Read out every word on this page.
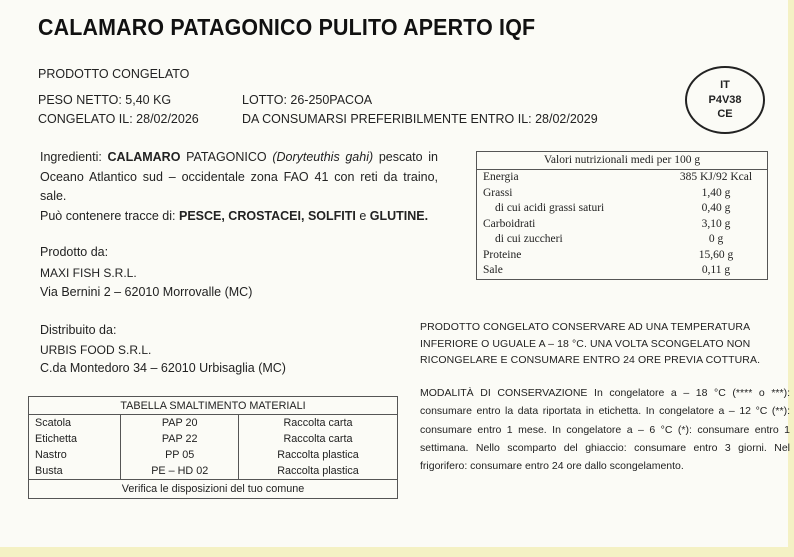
CALAMARO PATAGONICO PULITO APERTO IQF
PRODOTTO CONGELATO
PESO NETTO: 5,40 KG	LOTTO: 26-250PACOA
CONGELATO IL: 28/02/2026	DA CONSUMARSI PREFERIBILMENTE ENTRO IL: 28/02/2029
IT
P4V38
CE
Ingredienti: CALAMARO PATAGONICO (Doryteuthis gahi) pescato in Oceano Atlantico sud – occidentale zona FAO 41 con reti da traino, sale.
Può contenere tracce di: PESCE, CROSTACEI, SOLFITI e GLUTINE.
Valori nutrizionali medi per 100 g	
Energia	385 KJ/92 Kcal
Grassi	1,40 g
di cui acidi grassi saturi	0,40 g
Carboidrati	3,10 g
di cui zuccheri	0 g
Proteine	15,60 g
Sale	0,11 g
Prodotto da:
MAXI FISH S.R.L.
Via Bernini 2 – 62010 Morrovalle (MC)
Distribuito da:
URBIS FOOD S.R.L.
C.da Montedoro 34 – 62010 Urbisaglia (MC)
PRODOTTO CONGELATO CONSERVARE AD UNA TEMPERATURA
INFERIORE O UGUALE A – 18 °C. UNA VOLTA SCONGELATO NON
RICONGELARE E CONSUMARE ENTRO 24 ORE PREVIA COTTURA.
MODALITÀ DI CONSERVAZIONE In congelatore a – 18 °C (**** o ***): consumare entro la data riportata in etichetta. In congelatore a – 12 °C (**): consumare entro 1 mese. In congelatore a – 6 °C (*): consumare entro 1 settimana. Nello scomparto del ghiaccio: consumare entro 3 giorni. Nel frigorifero: consumare entro 24 ore dallo scongelamento.
TABELLA SMALTIMENTO MATERIALI		
Scatola	PAP 20	Raccolta carta
Etichetta	PAP 22	Raccolta carta
Nastro	PP 05	Raccolta plastica
Busta	PE – HD 02	Raccolta plastica
Verifica le disposizioni del tuo comune		
